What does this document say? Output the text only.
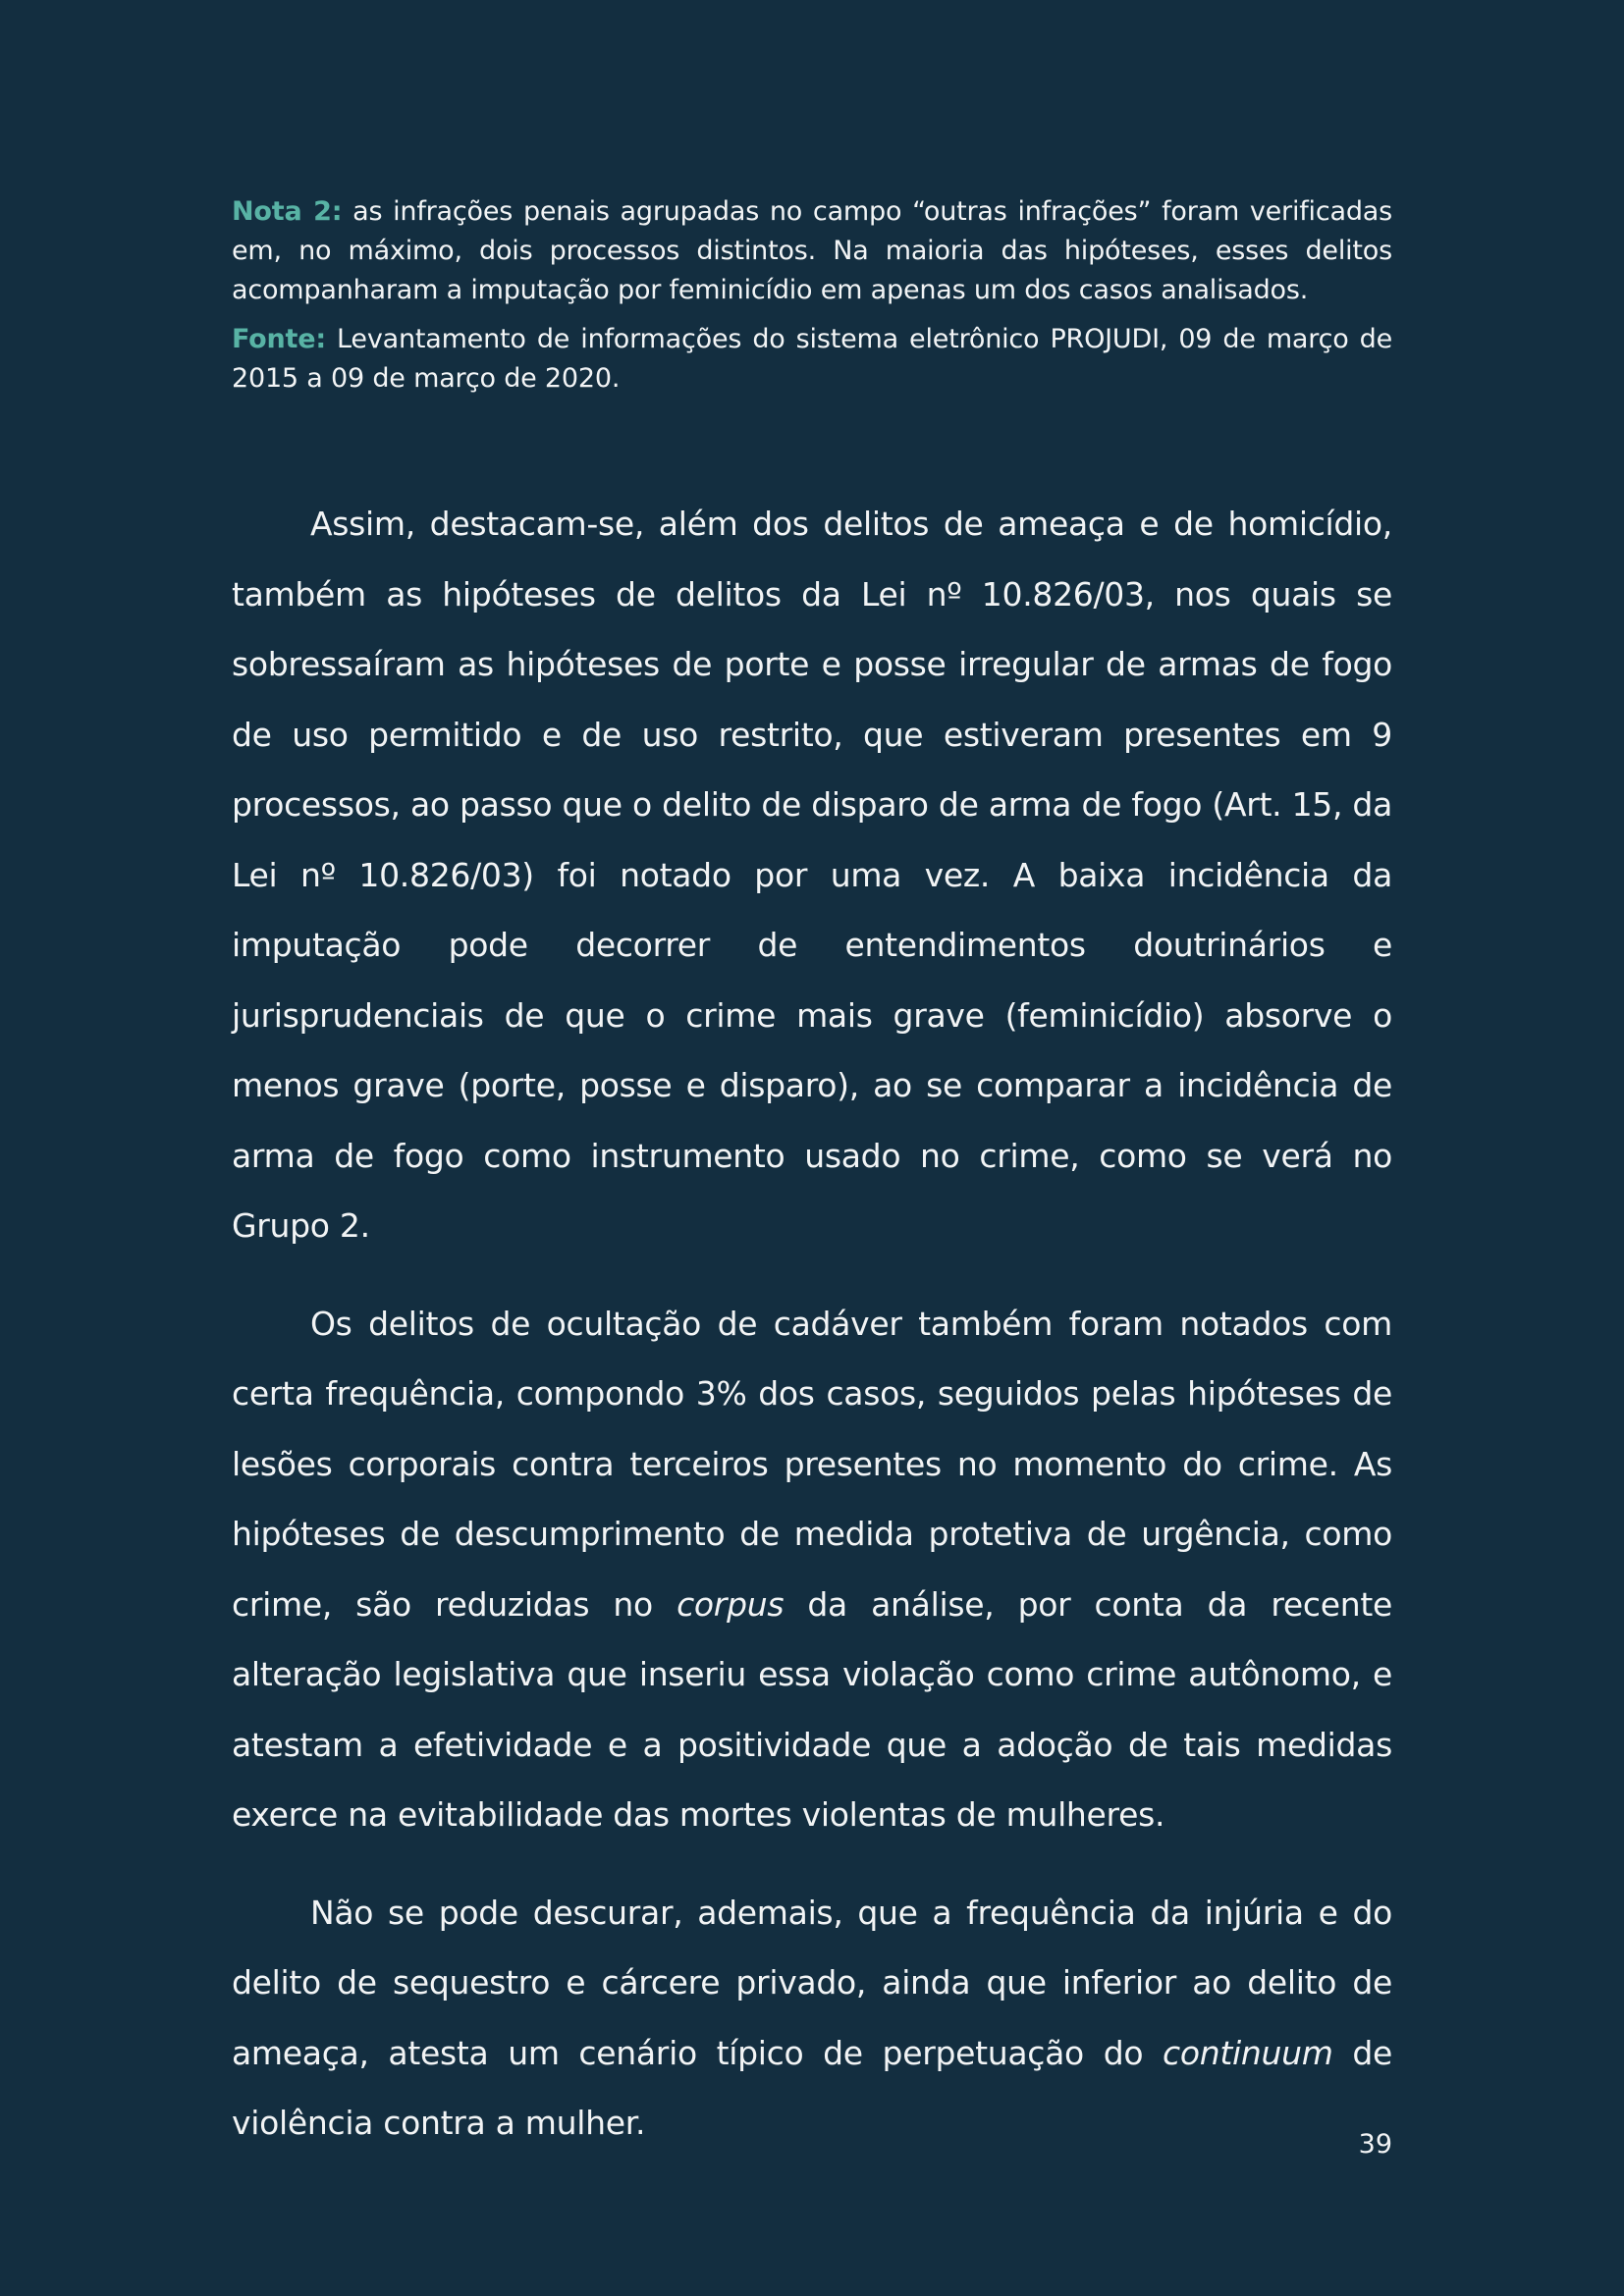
Nota 2: as infrações penais agrupadas no campo “outras infrações” foram verificadas em, no máximo, dois processos distintos. Na maioria das hipóteses, esses delitos acompanharam a imputação por feminicídio em apenas um dos casos analisados.

Fonte: Levantamento de informações do sistema eletrônico PROJUDI, 09 de março de 2015 a 09 de março de 2020.

Assim, destacam-se, além dos delitos de ameaça e de homicídio, também as hipóteses de delitos da Lei nº 10.826/03, nos quais se sobressaíram as hipóteses de porte e posse irregular de armas de fogo de uso permitido e de uso restrito, que estiveram presentes em 9 processos, ao passo que o delito de disparo de arma de fogo (Art. 15, da Lei nº 10.826/03) foi notado por uma vez. A baixa incidência da imputação pode decorrer de entendimentos doutrinários e jurisprudenciais de que o crime mais grave (feminicídio) absorve o menos grave (porte, posse e disparo), ao se comparar a incidência de arma de fogo como instrumento usado no crime, como se verá no Grupo 2.

Os delitos de ocultação de cadáver também foram notados com certa frequência, compondo 3% dos casos, seguidos pelas hipóteses de lesões corporais contra terceiros presentes no momento do crime. As hipóteses de descumprimento de medida protetiva de urgência, como crime, são reduzidas no corpus da análise, por conta da recente alteração legislativa que inseriu essa violação como crime autônomo, e atestam a efetividade e a positividade que a adoção de tais medidas exerce na evitabilidade das mortes violentas de mulheres.

Não se pode descurar, ademais, que a frequência da injúria e do delito de sequestro e cárcere privado, ainda que inferior ao delito de ameaça, atesta um cenário típico de perpetuação do continuum de violência contra a mulher.

39
